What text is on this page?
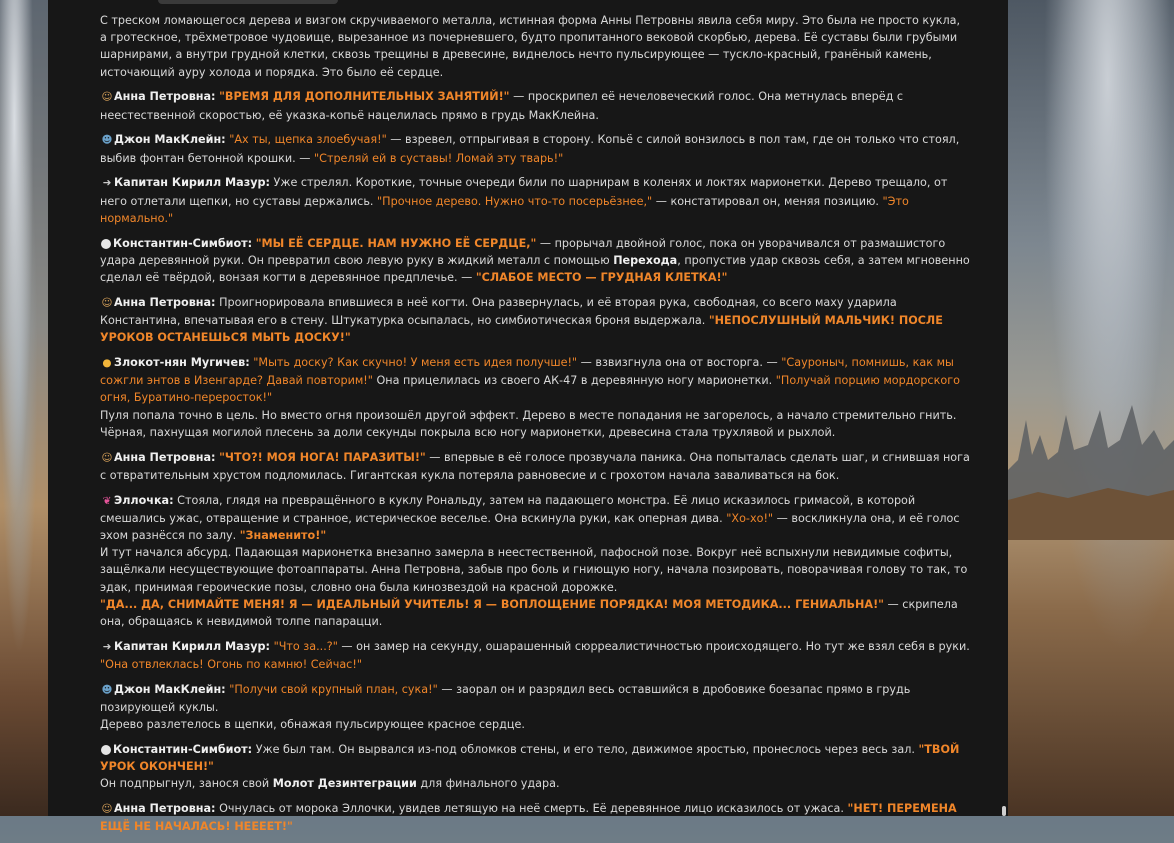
С треском ломающегося дерева и визгом скручиваемого металла, истинная форма Анны Петровны явила себя миру. Это была не просто кукла, а гротескное, трёхметровое чудовище, вырезанное из почерневшего, будто пропитанного вековой скорбью, дерева. Её суставы были грубыми шарнирами, а внутри грудной клетки, сквозь трещины в древесине, виднелось нечто пульсирующее — тускло-красный, гранёный камень, источающий ауру холода и порядка. Это было её сердце.

☺ Анна Петровна: "ВРЕМЯ ДЛЯ ДОПОЛНИТЕЛЬНЫХ ЗАНЯТИЙ!" — проскрипел её нечеловеческий голос. Она метнулась вперёд с неестественной скоростью, её указка-копьё нацелилась прямо в грудь МакКлейна.

☻ Джон МакКлейн: "Ах ты, щепка злоебучая!" — взревел, отпрыгивая в сторону. Копьё с силой вонзилось в пол там, где он только что стоял, выбив фонтан бетонной крошки. — "Стреляй ей в суставы! Ломай эту тварь!"

➜ Капитан Кирилл Мазур: Уже стрелял. Короткие, точные очереди били по шарнирам в коленях и локтях марионетки. Дерево трещало, от него отлетали щепки, но суставы держались. "Прочное дерево. Нужно что-то посерьёзнее," — констатировал он, меняя позицию. "Это нормально."

Константин-Симбиот: "МЫ ЕЁ СЕРДЦЕ. НАМ НУЖНО ЕЁ СЕРДЦЕ," — прорычал двойной голос, пока он уворачивался от размашистого удара деревянной руки. Он превратил свою левую руку в жидкий металл с помощью Перехода, пропустив удар сквозь себя, а затем мгновенно сделал её твёрдой, вонзая когти в деревянное предплечье. — "СЛАБОЕ МЕСТО — ГРУДНАЯ КЛЕТКА!"

☺ Анна Петровна: Проигнорировала впившиеся в неё когти. Она развернулась, и её вторая рука, свободная, со всего маху ударила Константина, впечатывая его в стену. Штукатурка осыпалась, но симбиотическая броня выдержала. "НЕПОСЛУШНЫЙ МАЛЬЧИК! ПОСЛЕ УРОКОВ ОСТАНЕШЬСЯ МЫТЬ ДОСКУ!"

● Злокот-нян Мугичев: "Мыть доску? Как скучно! У меня есть идея получше!" — взвизгнула она от восторга. — "Сауроныч, помнишь, как мы сожгли энтов в Изенгарде? Давай повторим!" Она прицелилась из своего АК-47 в деревянную ногу марионетки. "Получай порцию мордорского огня, Буратино-переросток!"

Пуля попала точно в цель. Но вместо огня произошёл другой эффект. Дерево в месте попадания не загорелось, а начало стремительно гнить. Чёрная, пахнущая могилой плесень за доли секунды покрыла всю ногу марионетки, древесина стала трухлявой и рыхлой.

☺ Анна Петровна: "ЧТО?! МОЯ НОГА! ПАРАЗИТЫ!" — впервые в её голосе прозвучала паника. Она попыталась сделать шаг, и сгнившая нога с отвратительным хрустом подломилась. Гигантская кукла потеряла равновесие и с грохотом начала заваливаться на бок.

❦ Эллочка: Стояла, глядя на превращённого в куклу Рональду, затем на падающего монстра. Её лицо исказилось гримасой, в которой смешались ужас, отвращение и странное, истерическое веселье. Она вскинула руки, как оперная дива. "Хо-хо!" — воскликнула она, и её голос эхом разнёсся по залу. "Знаменито!"

И тут начался абсурд. Падающая марионетка внезапно замерла в неестественной, пафосной позе. Вокруг неё вспыхнули невидимые софиты, защёлкали несуществующие фотоаппараты. Анна Петровна, забыв про боль и гниющую ногу, начала позировать, поворачивая голову то так, то эдак, принимая героические позы, словно она была кинозвездой на красной дорожке.

"ДА... ДА, СНИМАЙТЕ МЕНЯ! Я — ИДЕАЛЬНЫЙ УЧИТЕЛЬ! Я — ВОПЛОЩЕНИЕ ПОРЯДКА! МОЯ МЕТОДИКА... ГЕНИАЛЬНА!" — скрипела она, обращаясь к невидимой толпе папарацци.

➜ Капитан Кирилл Мазур: "Что за...?" — он замер на секунду, ошарашенный сюрреалистичностью происходящего. Но тут же взял себя в руки. "Она отвлеклась! Огонь по камню! Сейчас!"

☻ Джон МакКлейн: "Получи свой крупный план, сука!" — заорал он и разрядил весь оставшийся в дробовике боезапас прямо в грудь позирующей куклы.

Дерево разлетелось в щепки, обнажая пульсирующее красное сердце.

Константин-Симбиот: Уже был там. Он вырвался из-под обломков стены, и его тело, движимое яростью, пронеслось через весь зал. "ТВОЙ УРОК ОКОНЧЕН!"

Он подпрыгнул, занося свой Молот Дезинтеграции для финального удара.

☺ Анна Петровна: Очнулась от морока Эллочки, увидев летящую на неё смерть. Её деревянное лицо исказилось от ужаса. "НЕТ! ПЕРЕМЕНА ЕЩЁ НЕ НАЧАЛАСЬ! НЕЕЕЕТ!"
